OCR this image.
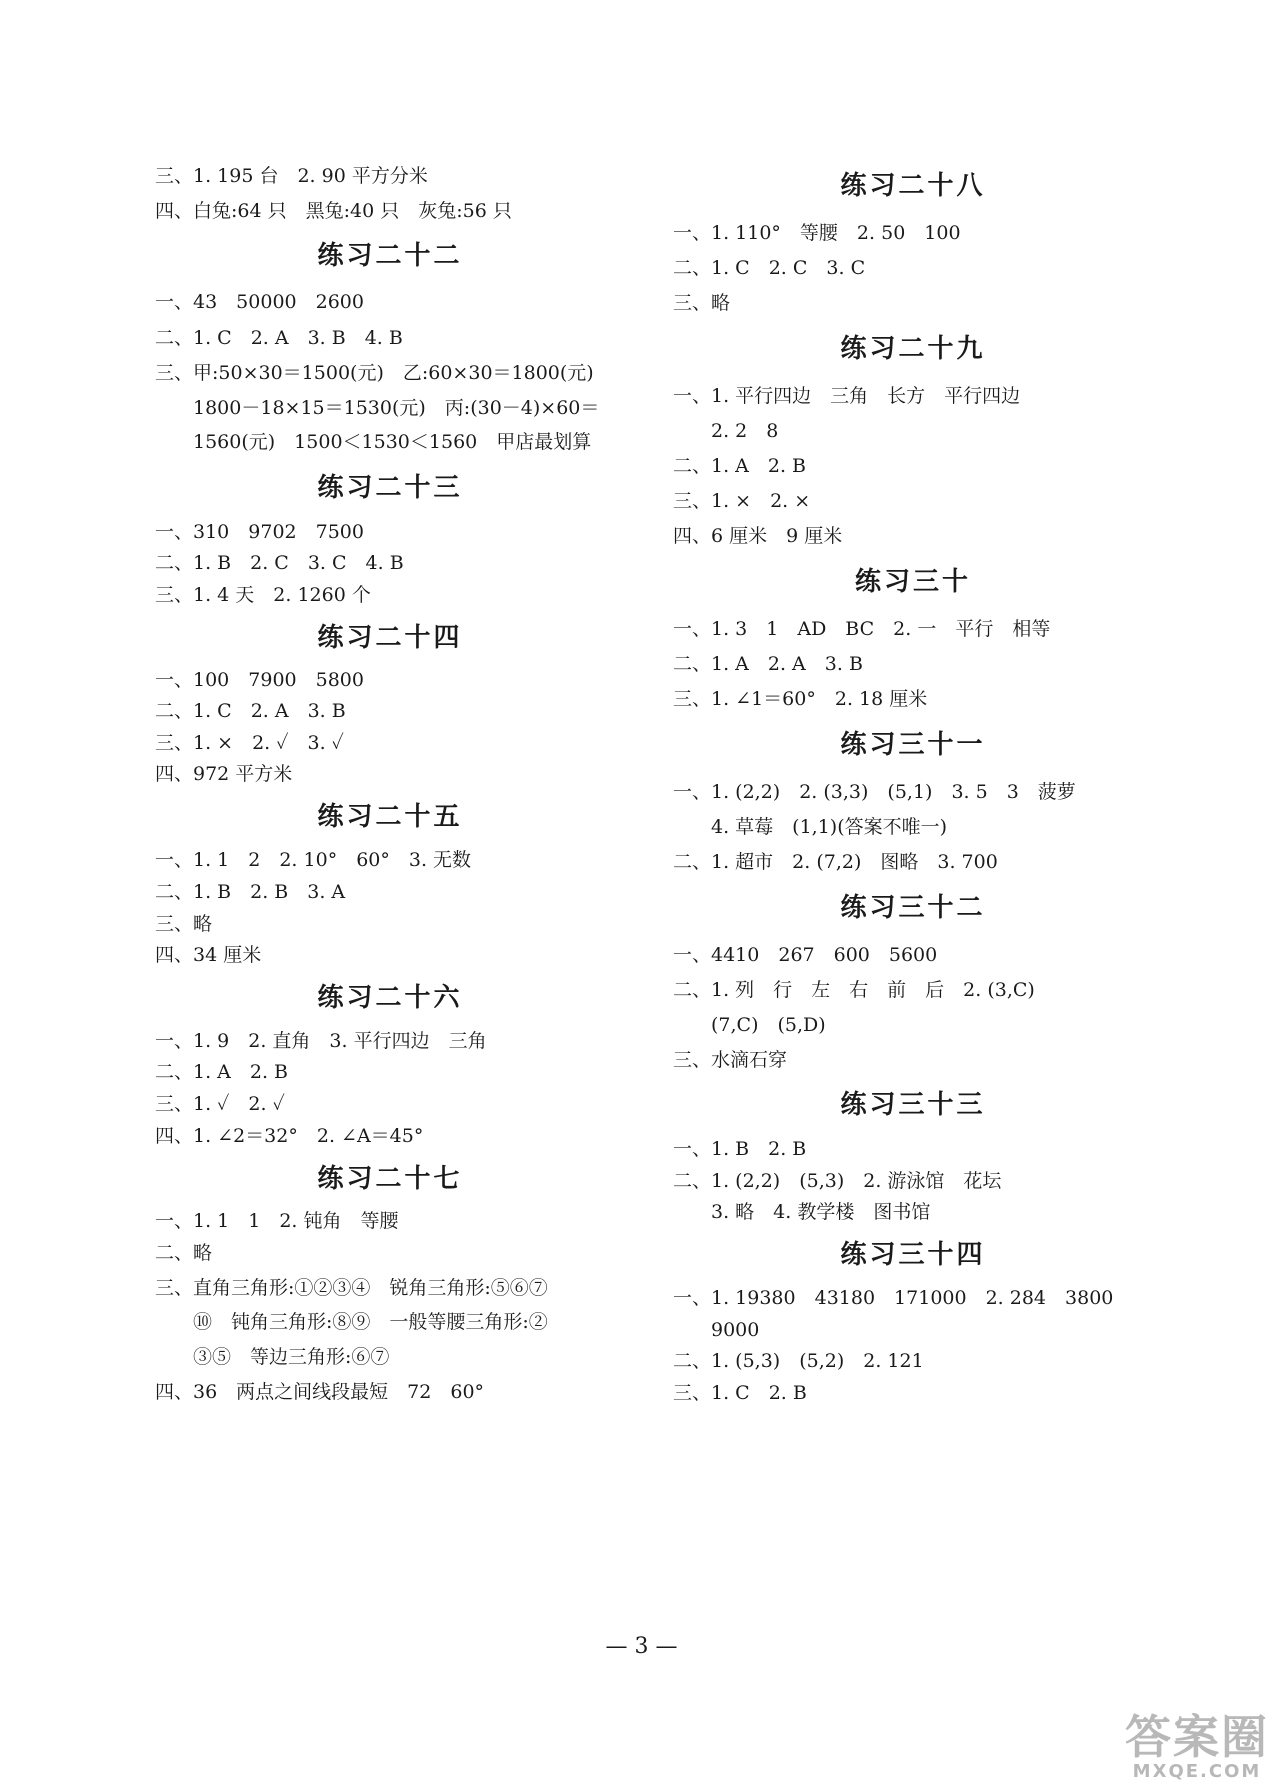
三、1. 195 台　2. 90 平方分米
四、白兔:64 只　黑兔:40 只　灰兔:56 只
练习二十二
一、43　50000　2600
二、1. C　2. A　3. B　4. B
三、甲:50×30＝1500(元)　乙:60×30＝1800(元)
　　1800－18×15＝1530(元)　丙:(30－4)×60＝
　　1560(元)　1500＜1530＜1560　甲店最划算
练习二十三
一、310　9702　7500
二、1. B　2. C　3. C　4. B
三、1. 4 天　2. 1260 个
练习二十四
一、100　7900　5800
二、1. C　2. A　3. B
三、1. ×　2. ✓　3. ✓
四、972 平方米
练习二十五
一、1. 1　2　2. 10°　60°　3. 无数
二、1. B　2. B　3. A
三、略
四、34 厘米
练习二十六
一、1. 9　2. 直角　3. 平行四边　三角
二、1. A　2. B
三、1. ✓　2. ✓
四、1. ∠2＝32°　2. ∠A＝45°
练习二十七
一、1. 1　1　2. 钝角　等腰
二、略
三、直角三角形:①②③④　锐角三角形:⑤⑥⑦
　　⑩　钝角三角形:⑧⑨　一般等腰三角形:②
　　③⑤　等边三角形:⑥⑦
四、36　两点之间线段最短　72　60°
练习二十八
一、1. 110°　等腰　2. 50　100
二、1. C　2. C　3. C
三、略
练习二十九
一、1. 平行四边　三角　长方　平行四边
　　2. 2　8
二、1. A　2. B
三、1. ×　2. ×
四、6 厘米　9 厘米
练习三十
一、1. 3　1　AD　BC　2. 一　平行　相等
二、1. A　2. A　3. B
三、1. ∠1＝60°　2. 18 厘米
练习三十一
一、1. (2,2)　2. (3,3)　(5,1)　3. 5　3　菠萝
　　4. 草莓　(1,1)(答案不唯一)
二、1. 超市　2. (7,2)　图略　3. 700
练习三十二
一、4410　267　600　5600
二、1. 列　行　左　右　前　后　2. (3,C)
　　(7,C)　(5,D)
三、水滴石穿
练习三十三
一、1. B　2. B
二、1. (2,2)　(5,3)　2. 游泳馆　花坛
　　3. 略　4. 教学楼　图书馆
练习三十四
一、1. 19380　43180　171000　2. 284　3800
　　9000
二、1. (5,3)　(5,2)　2. 121
三、1. C　2. B
— 3 —
答案圈
MXQE.COM
